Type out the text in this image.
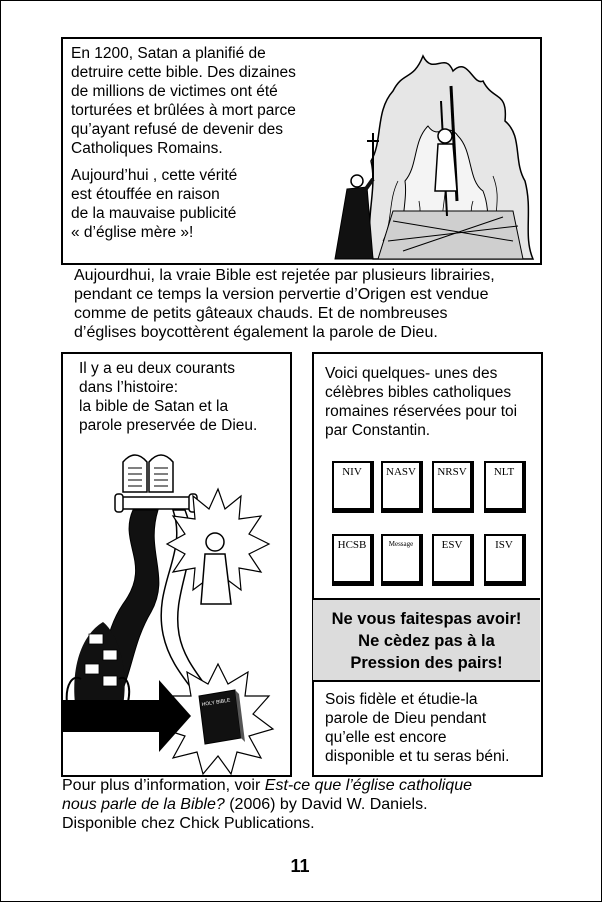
En 1200, Satan a planifié de
detruire cette bible. Des dizaines
de millions de victimes ont été
torturées et brûlées à mort parce
qu’ayant refusé de devenir des
Catholiques Romains.

Aujourd’hui , cette vérité
est étouffée en raison
de la mauvaise publicité
« d’église mère »!

Aujourdhui, la vraie Bible est rejetée par plusieurs librairies,
pendant ce temps la version pervertie d’Origen est vendue
comme de petits gâteaux chauds. Et de nombreuses
d’églises boycottèrent également la parole de Dieu.

Il y a eu deux courants
dans l’histoire:
la bible de Satan et la
parole preservée de Dieu.

HOLY BIBLE

Voici quelques- unes des
célèbres bibles catholiques
romaines réservées pour toi
par Constantin.

NIV	NASV	NRSV	NLT
HCSB	Message	ESV	ISV

Sois fidèle et étudie-la
parole de Dieu pendant
qu’elle est encore
disponible et tu seras béni.

Ne vous faitespas avoir!
Ne cèdez pas à la
Pression des pairs!

Pour plus d’information, voir Est-ce que l’église catholique
nous parle de la Bible? (2006) by David W. Daniels.
Disponible chez Chick Publications.

11
